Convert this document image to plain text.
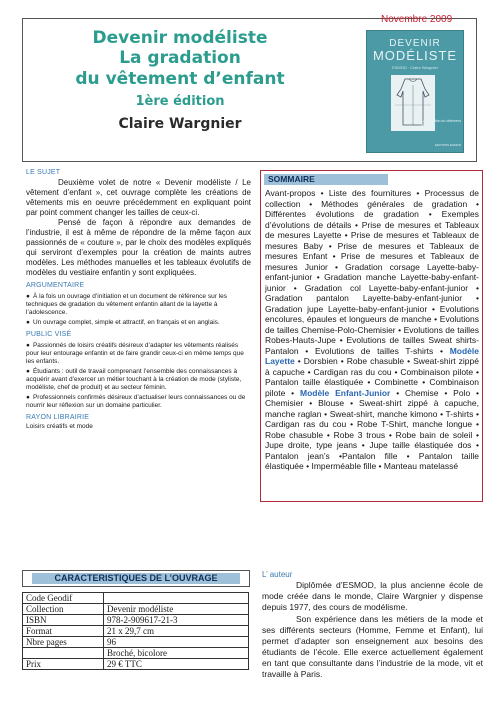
Novembre 2009
Devenir modéliste
La gradation
du vêtement d’enfant
1ère édition
Claire Wargnier
DEVENIR
MODÉLISTE
ESMOD · Claire Wargnier
La gradation du vêtement d’enfant
EDITIONS ESMOD
LE SUJET
Deuxième volet de notre « Devenir modéliste / Le vêtement d’enfant », cet ouvrage complète les créations de vêtements mis en oeuvre précédemment en expliquant point par point comment changer les tailles de ceux-ci.
Pensé de façon à répondre aux demandes de l’industrie, il est à même de répondre de la même façon aux passionnés de « couture », par le choix des modèles expliqués qui serviront d’exemples pour la création de maints autres modèles. Les méthodes manuelles et les tableaux évolutifs de modèles du vestiaire enfantin y sont expliquées.
ARGUMENTAIRE
● À la fois un ouvrage d’initiation et un document de référence sur les techniques de gradation du vêtement enfantin allant de la layette à l’adolescence.
● Un ouvrage complet, simple et attractif, en français et en anglais.
PUBLIC VISÉ
● Passionnés de loisirs créatifs désireux d’adapter les vêtements réalisés pour leur entourage enfantin et de faire grandir ceux-ci en même temps que les enfants.
● Étudiants : outil de travail comprenant l’ensemble des connaissances à acquérir avant d’exercer un métier touchant à la création de mode (styliste, modéliste, chef de produit) et au secteur féminin.
● Professionnels confirmés désireux d’actualiser leurs connaissances ou de nourrir leur réflexion sur un domaine particulier.
RAYON LIBRAIRIE
Loisirs créatifs et mode
SOMMAIRE
Avant-propos • Liste des fournitures • Processus de collection • Méthodes générales de gradation • Différentes évolutions de gradation • Exemples d’évolutions de détails • Prise de mesures et Tableaux de mesures Layette • Prise de mesures et Tableaux de mesures Baby • Prise de mesures et Tableaux de mesures Enfant • Prise de mesures et Tableaux de mesures Junior • Gradation corsage Layette-baby-enfant-junior • Gradation manche Layette-baby-enfant-junior • Gradation col Layette-baby-enfant-junior • Gradation pantalon Layette-baby-enfant-junior • Gradation jupe Layette-baby-enfant-junior • Evolutions encolures, épaules et longueurs de manche • Evolutions de tailles Chemise-Polo-Chemisier • Evolutions de tailles Robes-Hauts-Jupe • Evolutions de tailles Sweat shirts-Pantalon • Evolutions de tailles T-shirts • Modèle Layette • Dorsbien • Robe chasuble • Sweat-shirt zippé à capuche • Cardigan ras du cou • Combinaison pilote • Pantalon taille élastiquée • Combinette • Combinaison pilote • Modèle Enfant-Junior • Chemise • Polo • Chemisier • Blouse • Sweat-shirt zippé à capuche, manche raglan • Sweat-shirt, manche kimono • T-shirts • Cardigan ras du cou • Robe T-Shirt, manche longue • Robe chasuble • Robe 3 trous • Robe bain de soleil • Jupe droite, type jeans • Jupe taille élastiquée dos • Pantalon jean’s •Pantalon fille • Pantalon taille élastiquée • Imperméable fille • Manteau matelassé
CARACTERISTIQUES DE L’OUVRAGE
Code Geodif	
Collection	Devenir modéliste
ISBN	978-2-909617-21-3
Format	21 x 29,7 cm
Nbre pages	96
	Broché, bicolore
Prix	29 € TTC
L’ auteur
Diplômée d’ESMOD, la plus ancienne école de mode créée dans le monde, Claire Wargnier y dispense depuis 1977, des cours de modélisme.
Son expérience dans les métiers de la mode et ses différents secteurs (Homme, Femme et Enfant), lui permet d’adapter son enseignement aux besoins des étudiants de l’école. Elle exerce actuellement également en tant que consultante dans l’industrie de la mode, vit et travaille à Paris.
